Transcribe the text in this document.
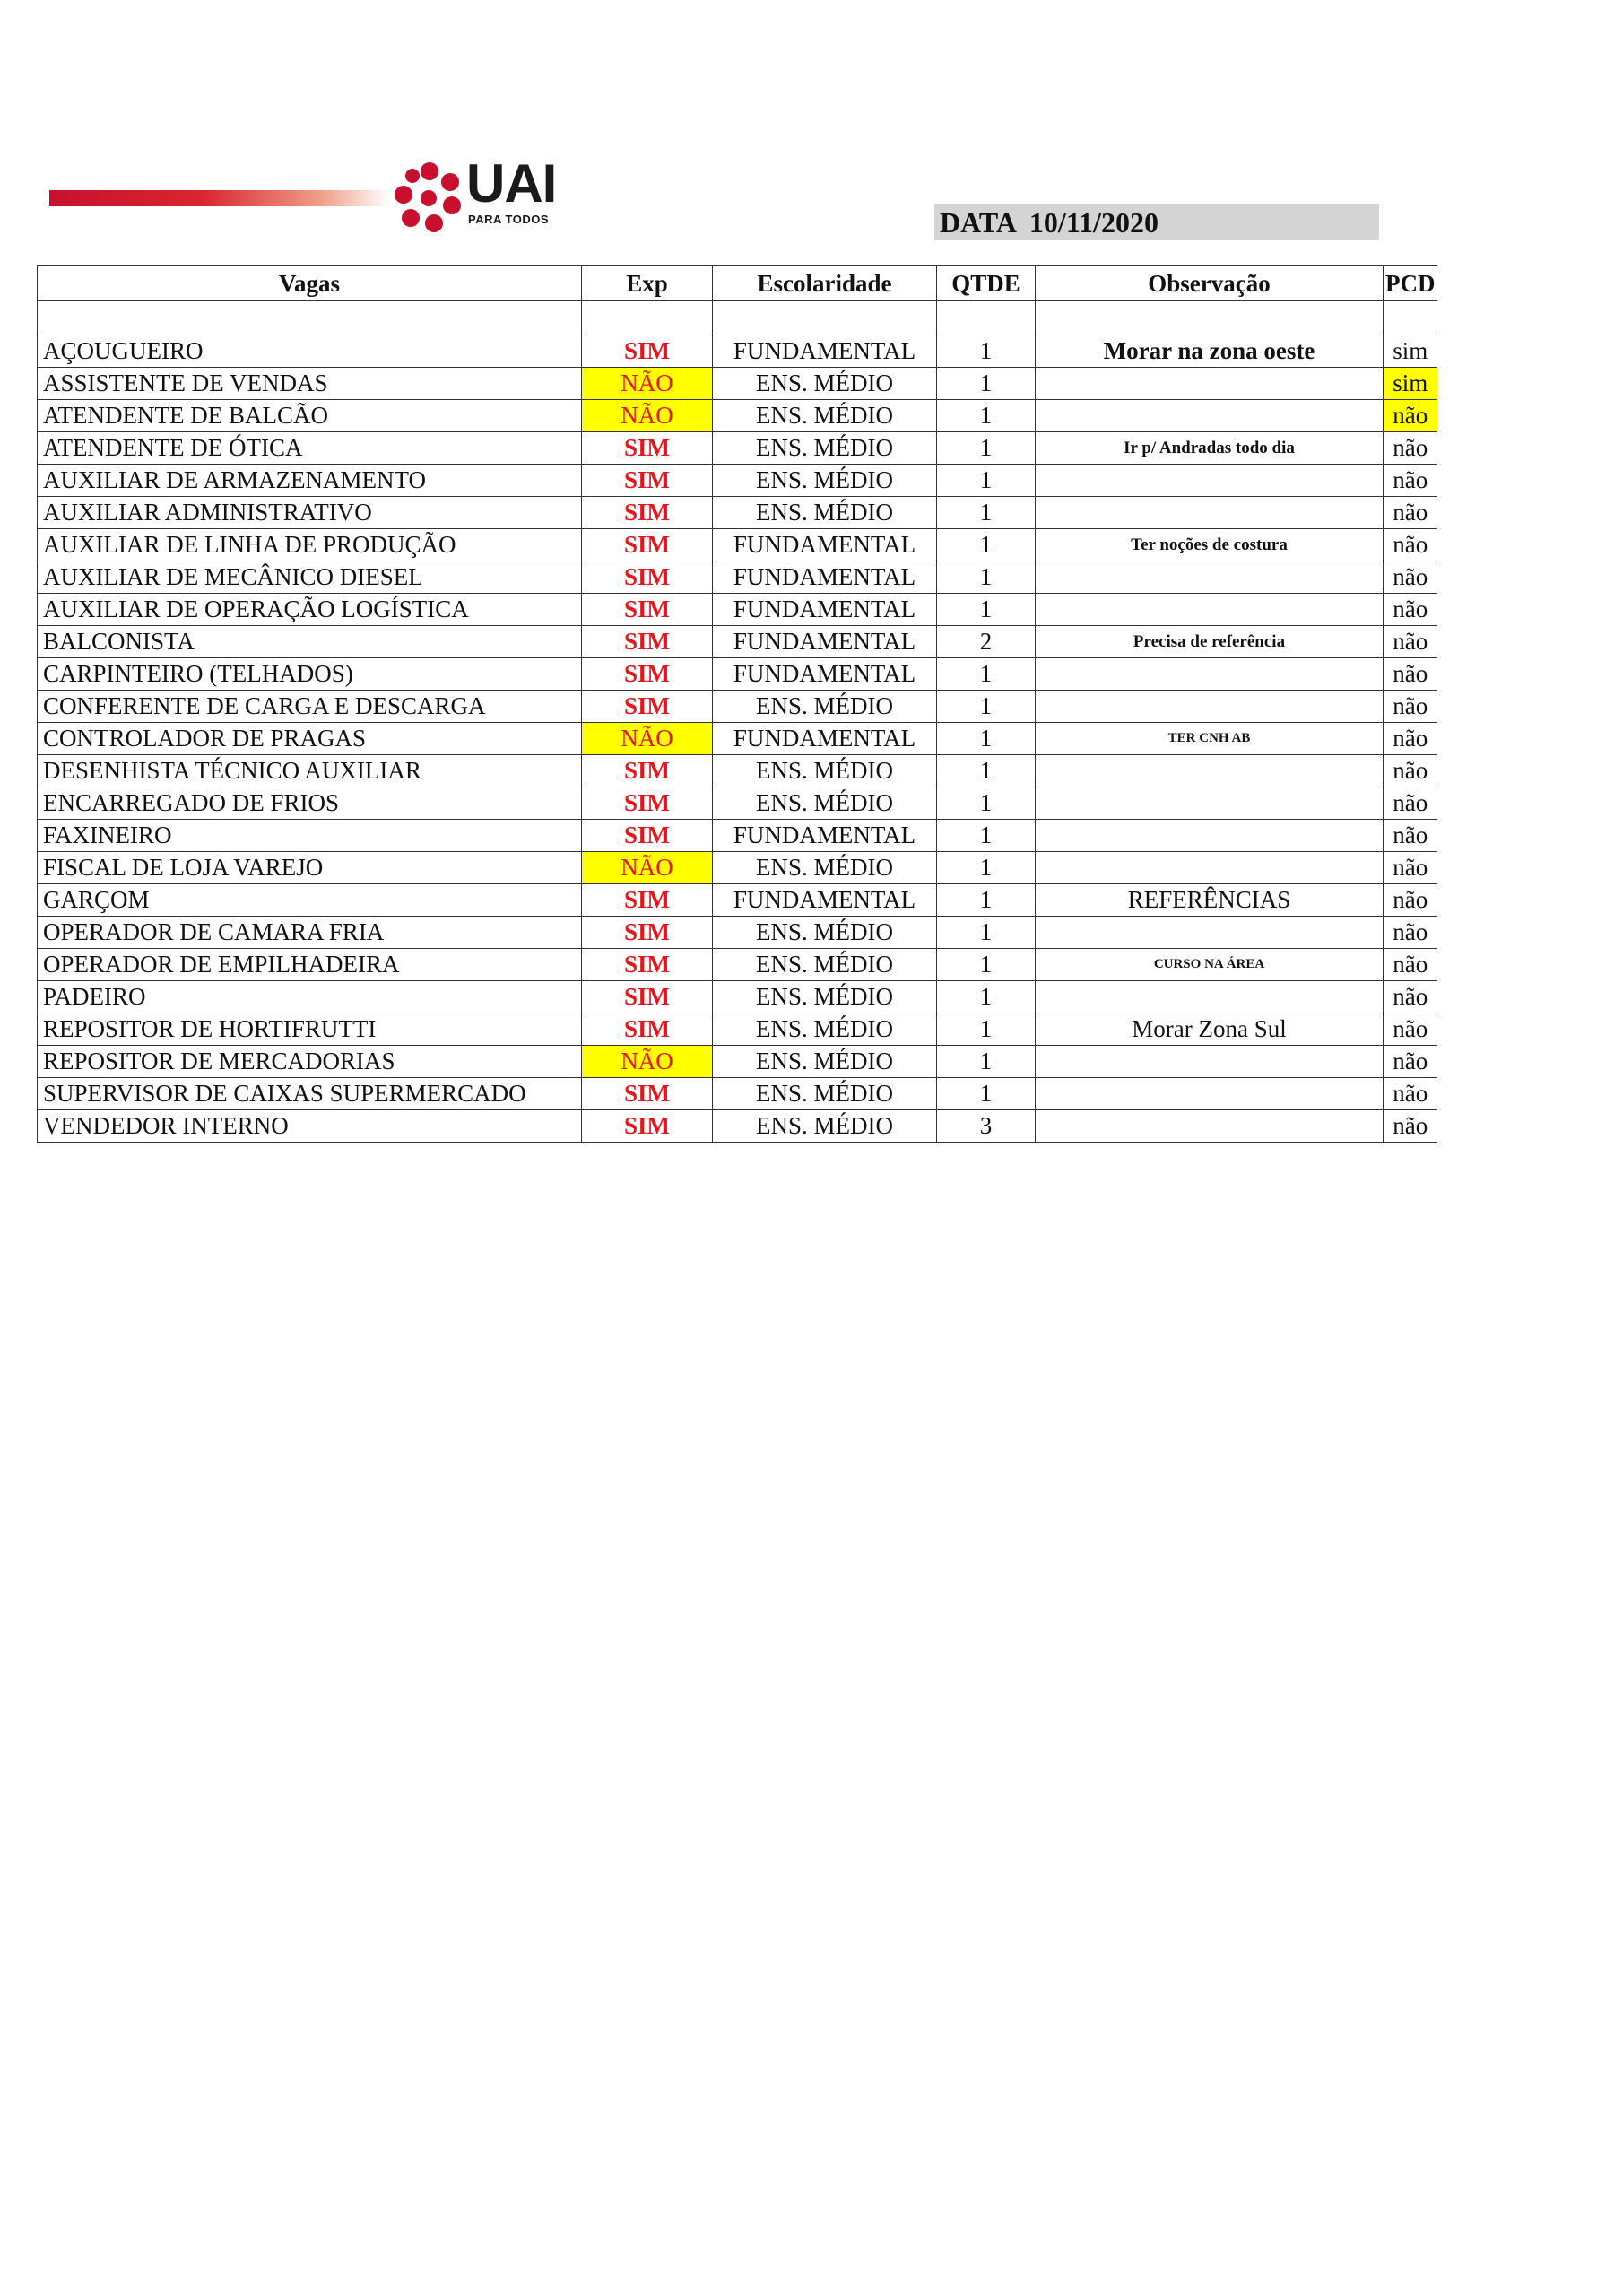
UAI
PARA TODOS	DATA 10/11/2020
Vagas	Exp	Escolaridade	QTDE	Observação	PCD

AÇOUGUEIRO	SIM	FUNDAMENTAL	1	Morar na zona oeste	sim
ASSISTENTE DE VENDAS	NÃO	ENS. MÉDIO	1		sim
ATENDENTE DE BALCÃO	NÃO	ENS. MÉDIO	1		não
ATENDENTE DE ÓTICA	SIM	ENS. MÉDIO	1	Ir p/ Andradas todo dia	não
AUXILIAR DE ARMAZENAMENTO	SIM	ENS. MÉDIO	1		não
AUXILIAR ADMINISTRATIVO	SIM	ENS. MÉDIO	1		não
AUXILIAR DE LINHA DE PRODUÇÃO	SIM	FUNDAMENTAL	1	Ter noções de costura	não
AUXILIAR DE MECÂNICO DIESEL	SIM	FUNDAMENTAL	1		não
AUXILIAR DE OPERAÇÃO LOGÍSTICA	SIM	FUNDAMENTAL	1		não
BALCONISTA	SIM	FUNDAMENTAL	2	Precisa de referência	não
CARPINTEIRO (TELHADOS)	SIM	FUNDAMENTAL	1		não
CONFERENTE DE CARGA E DESCARGA	SIM	ENS. MÉDIO	1		não
CONTROLADOR DE PRAGAS	NÃO	FUNDAMENTAL	1	TER CNH AB	não
DESENHISTA TÉCNICO AUXILIAR	SIM	ENS. MÉDIO	1		não
ENCARREGADO DE FRIOS	SIM	ENS. MÉDIO	1		não
FAXINEIRO	SIM	FUNDAMENTAL	1		não
FISCAL DE LOJA VAREJO	NÃO	ENS. MÉDIO	1		não
GARÇOM	SIM	FUNDAMENTAL	1	REFERÊNCIAS	não
OPERADOR DE CAMARA FRIA	SIM	ENS. MÉDIO	1		não
OPERADOR DE EMPILHADEIRA	SIM	ENS. MÉDIO	1	CURSO NA ÁREA	não
PADEIRO	SIM	ENS. MÉDIO	1		não
REPOSITOR DE HORTIFRUTTI	SIM	ENS. MÉDIO	1	Morar Zona Sul	não
REPOSITOR DE MERCADORIAS	NÃO	ENS. MÉDIO	1		não
SUPERVISOR DE CAIXAS SUPERMERCADO	SIM	ENS. MÉDIO	1		não
VENDEDOR INTERNO	SIM	ENS. MÉDIO	3		não
